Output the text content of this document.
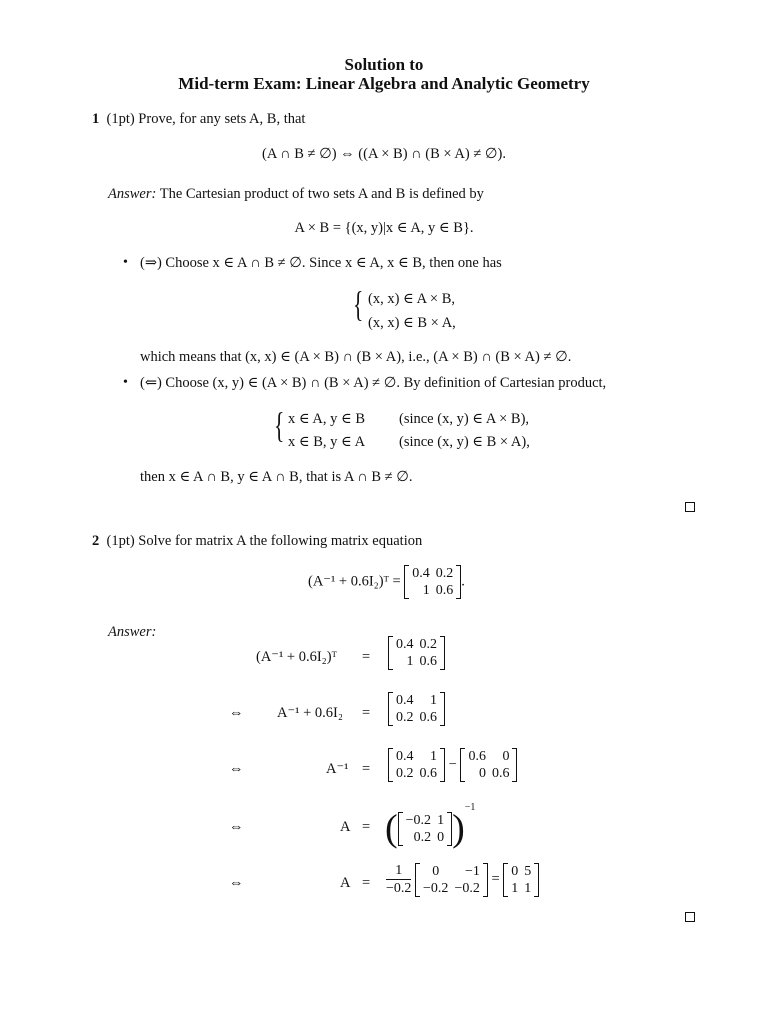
Solution to
Mid-term Exam: Linear Algebra and Analytic Geometry
1 (1pt) Prove, for any sets A, B, that
(A ∩ B ≠ ∅) ⇔ ((A × B) ∩ (B × A) ≠ ∅).
Answer: The Cartesian product of two sets A and B is defined by
A × B = {(x, y)|x ∈ A, y ∈ B}.
• (⇒) Choose x ∈ A ∩ B ≠ ∅. Since x ∈ A, x ∈ B, then one has
{ (x, x) ∈ A × B,
(x, x) ∈ B × A,
which means that (x, x) ∈ (A × B) ∩ (B × A), i.e., (A × B) ∩ (B × A) ≠ ∅.
• (⇐) Choose (x, y) ∈ (A × B) ∩ (B × A) ≠ ∅. By definition of Cartesian product,
{ x ∈ A, y ∈ B (since (x, y) ∈ A × B),
x ∈ B, y ∈ A (since (x, y) ∈ B × A),
then x ∈ A ∩ B, y ∈ A ∩ B, that is A ∩ B ≠ ∅.
2 (1pt) Solve for matrix A the following matrix equation
(A⁻¹ + 0.6I₂)ᵀ = 0.4	0.2
1	0.6
.
Answer:
(A⁻¹ + 0.6I₂)ᵀ =
0.4	0.2
1	0.6
⇔ A⁻¹ + 0.6I₂ =
0.4	1
0.2	0.6
⇔	A⁻¹ =
0.4	1
0.2	0.6
− 0.6	0
0	0.6
⇔	A = ( −0.2	1
0.2	0 )$^{-1}$
⇔	$A = \frac{1}{-0.2}$
0	−1
−0.2	−0.2
= 0	5
1	1
